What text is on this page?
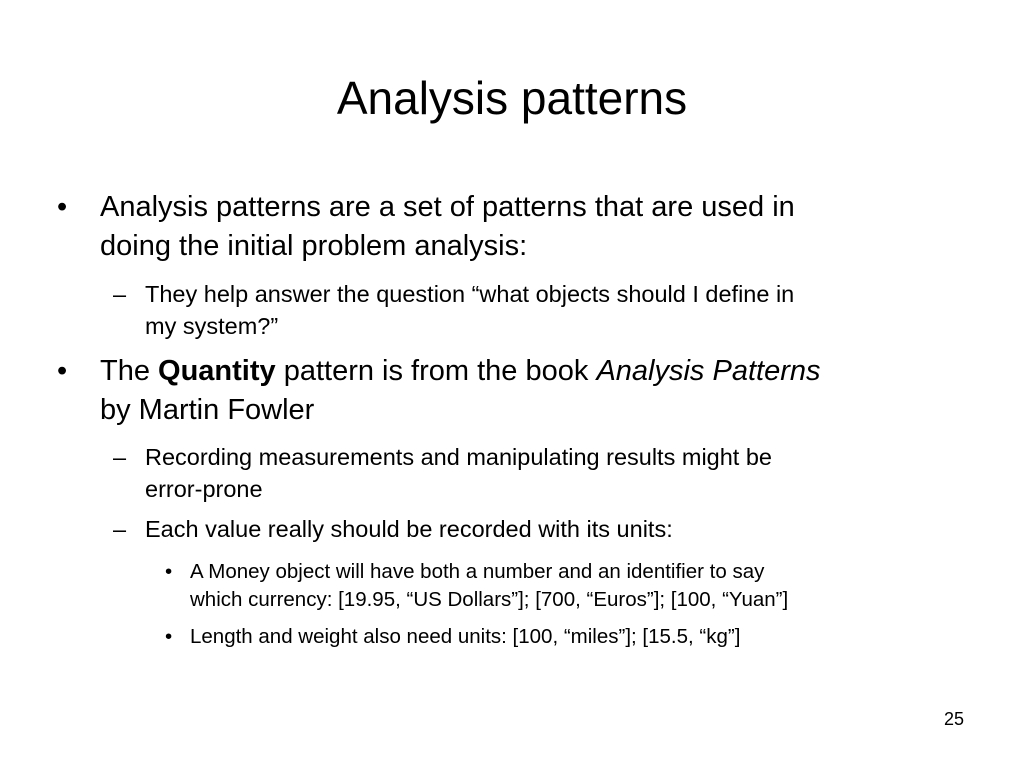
Analysis patterns
• Analysis patterns are a set of patterns that are used in
doing the initial problem analysis:
– They help answer the question “what objects should I define in
my system?”
• The Quantity pattern is from the book Analysis Patterns
by Martin Fowler
– Recording measurements and manipulating results might be
error-prone
– Each value really should be recorded with its units:
• A Money object will have both a number and an identifier to say
which currency: [19.95, “US Dollars”]; [700, “Euros”]; [100, “Yuan”]
• Length and weight also need units: [100, “miles”]; [15.5, “kg”]
25
